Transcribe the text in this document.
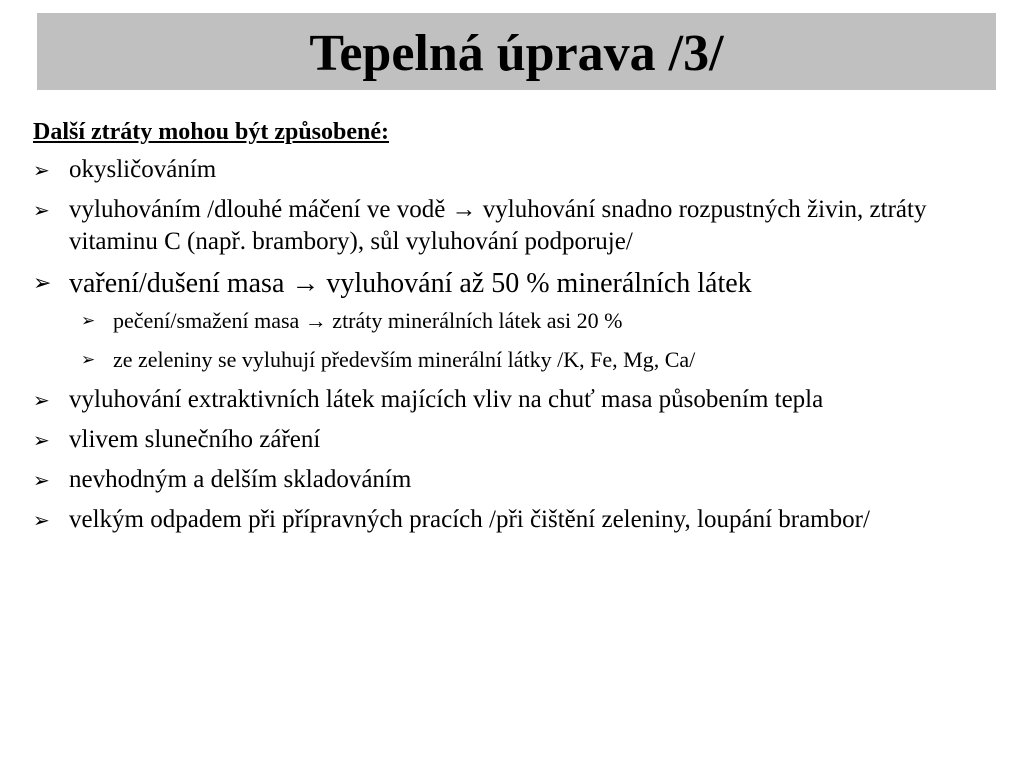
Tepelná úprava /3/
Další ztráty mohou být způsobené:
➢ okysličováním
➢ vyluhováním /dlouhé máčení ve vodě → vyluhování snadno rozpustných živin, ztráty vitaminu C (např. brambory), sůl vyluhování podporuje/
➢ vaření/dušení masa → vyluhování až 50 % minerálních látek
➢ pečení/smažení masa → ztráty minerálních látek asi 20 %
➢ ze zeleniny se vyluhují především minerální látky /K, Fe, Mg, Ca/
➢ vyluhování extraktivních látek majících vliv na chuť masa působením tepla
➢ vlivem slunečního záření
➢ nevhodným a delším skladováním
➢ velkým odpadem při přípravných pracích /při čištění zeleniny, loupání brambor/
